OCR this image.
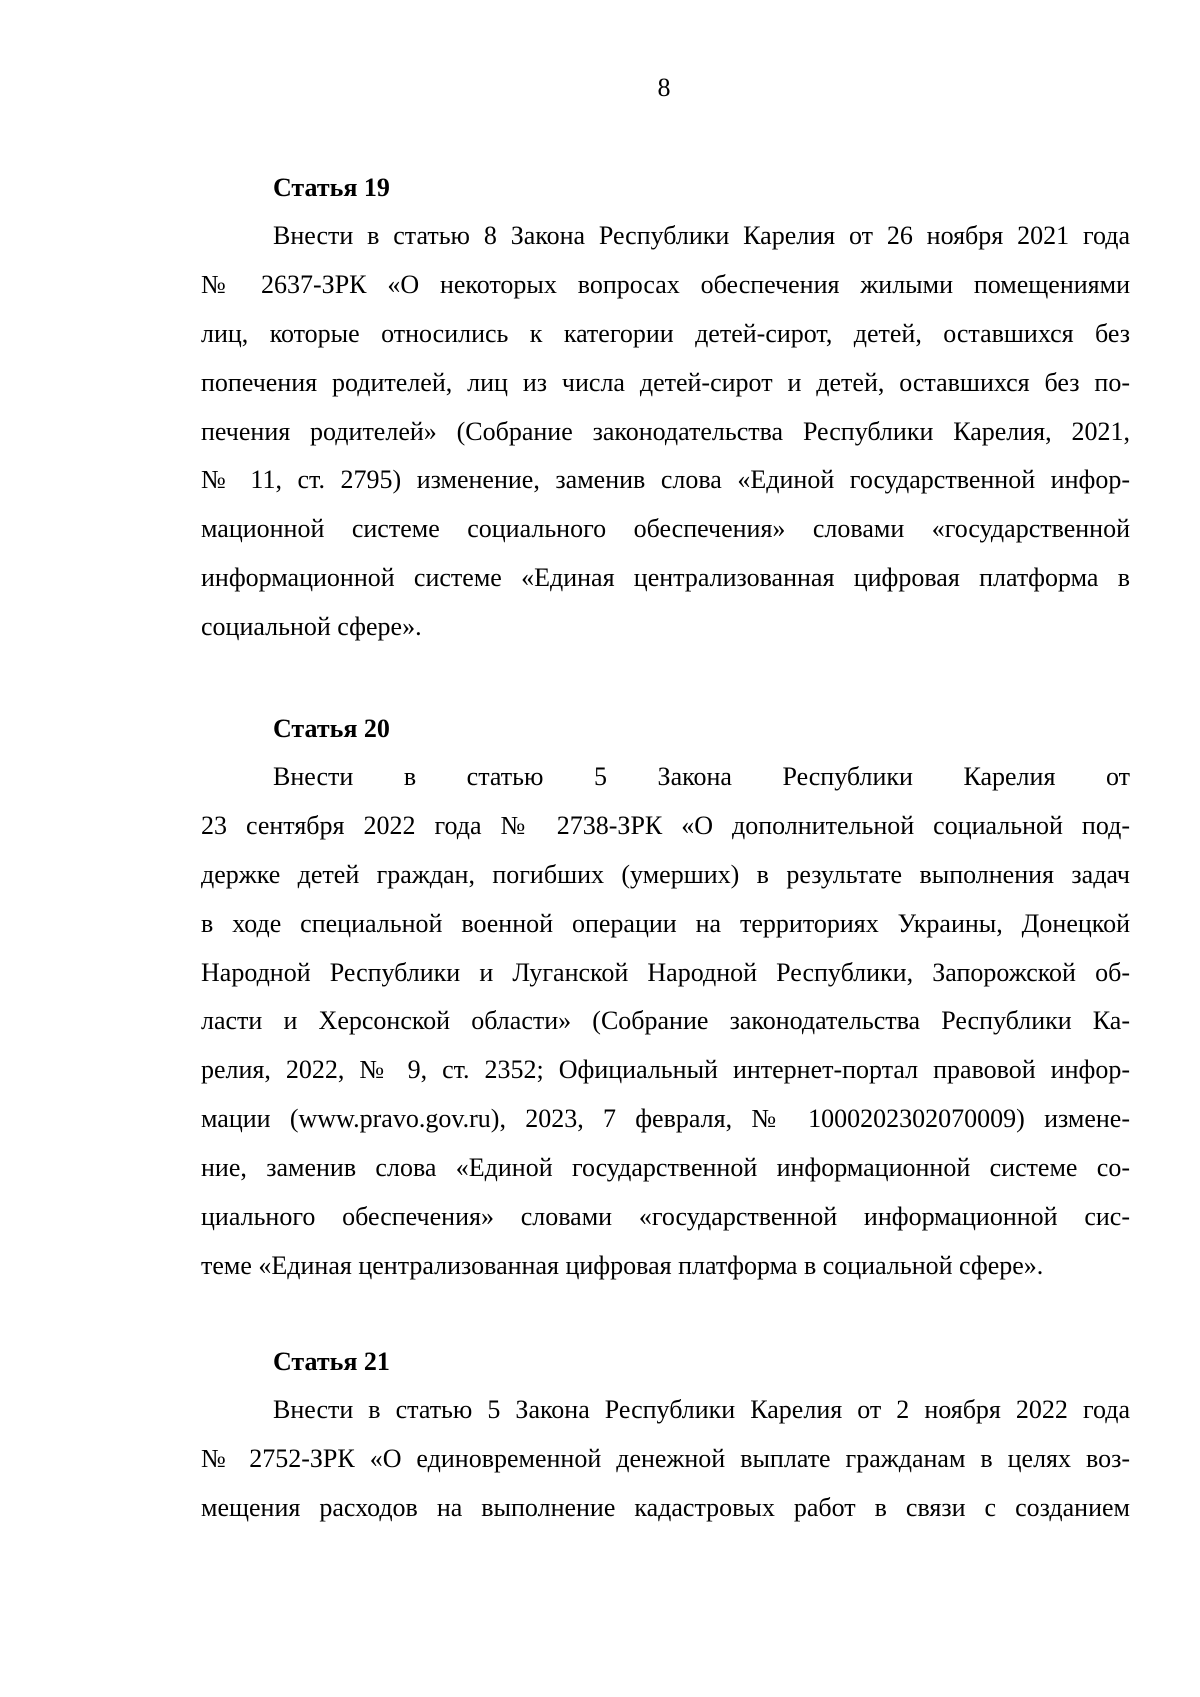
8
Статья 19

Внести в статью 8 Закона Республики Карелия от 26 ноября 2021 года
№ 2637-ЗРК «О некоторых вопросах обеспечения жилыми помещениями
лиц, которые относились к категории детей-сирот, детей, оставшихся без
попечения родителей, лиц из числа детей-сирот и детей, оставшихся без по-
печения родителей» (Собрание законодательства Республики Карелия, 2021,
№ 11, ст. 2795) изменение, заменив слова «Единой государственной инфор-
мационной системе социального обеспечения» словами «государственной
информационной системе «Единая централизованная цифровая платформа в
социальной сфере».

Статья 20

Внести в статью 5 Закона Республики Карелия от
23 сентября 2022 года № 2738-ЗРК «О дополнительной социальной под-
держке детей граждан, погибших (умерших) в результате выполнения задач
в ходе специальной военной операции на территориях Украины, Донецкой
Народной Республики и Луганской Народной Республики, Запорожской об-
ласти и Херсонской области» (Собрание законодательства Республики Ка-
релия, 2022, № 9, ст. 2352; Официальный интернет-портал правовой инфор-
мации (www.pravo.gov.ru), 2023, 7 февраля, № 1000202302070009) измене-
ние, заменив слова «Единой государственной информационной системе со-
циального обеспечения» словами «государственной информационной сис-
теме «Единая централизованная цифровая платформа в социальной сфере».

Статья 21

Внести в статью 5 Закона Республики Карелия от 2 ноября 2022 года
№ 2752-ЗРК «О единовременной денежной выплате гражданам в целях воз-
мещения расходов на выполнение кадастровых работ в связи с созданием
